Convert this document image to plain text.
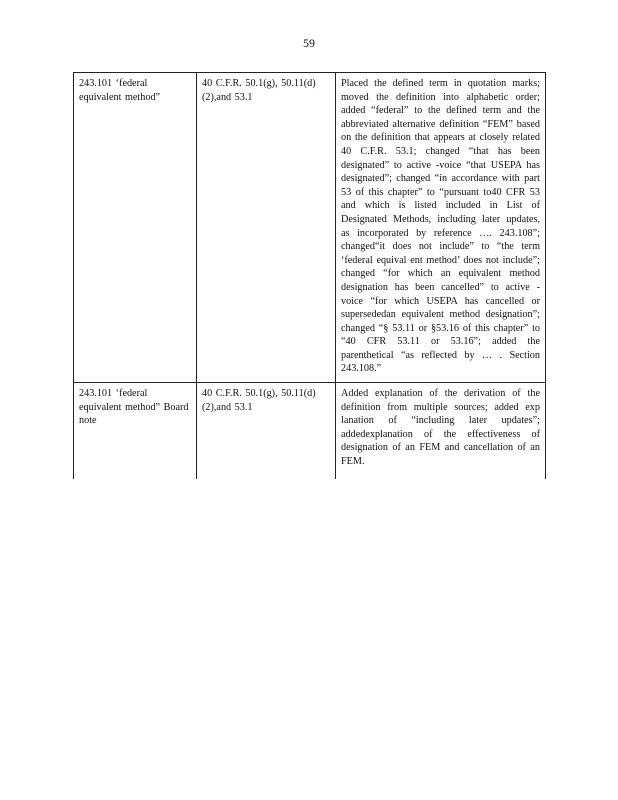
59
243.101 ‘federal equivalent method”	40 C.F.R. 50.1(g), 50.11(d)(2),and 53.1	Placed the defined term in quotation marks; moved the definition into alphabetic order; added “federal” to the defined term and the abbreviated alternative definition “FEM” based on the definition that appears at closely related 40 C.F.R. 53.1; changed “that has been designated” to active -voice “that USEPA has designated”; changed “in accordance with part 53 of this chapter” to “pursuant to40 CFR 53 and which is listed included in List of Designated Methods, including later updates, as incorporated by reference …. 243.108”; changed“it does not include” to “the term ‘federal equival ent method’ does not include”; changed “for which an equivalent method designation has been cancelled” to active - voice “for which USEPA has cancelled or supersededan equivalent method designation”; changed “§ 53.11 or §53.16 of this chapter” to “40 CFR 53.11 or 53.16”; added the parenthetical “as reflected by … . Section 243.108.”

243.101 ‘federal equivalent method” Board note	40 C.F.R. 50.1(g), 50.11(d)(2),and 53.1	Added explanation of the derivation of the definition from multiple sources; added exp lanation of “including later updates”; addedexplanation of the effectiveness of designation of an FEM and cancellation of an FEM.
